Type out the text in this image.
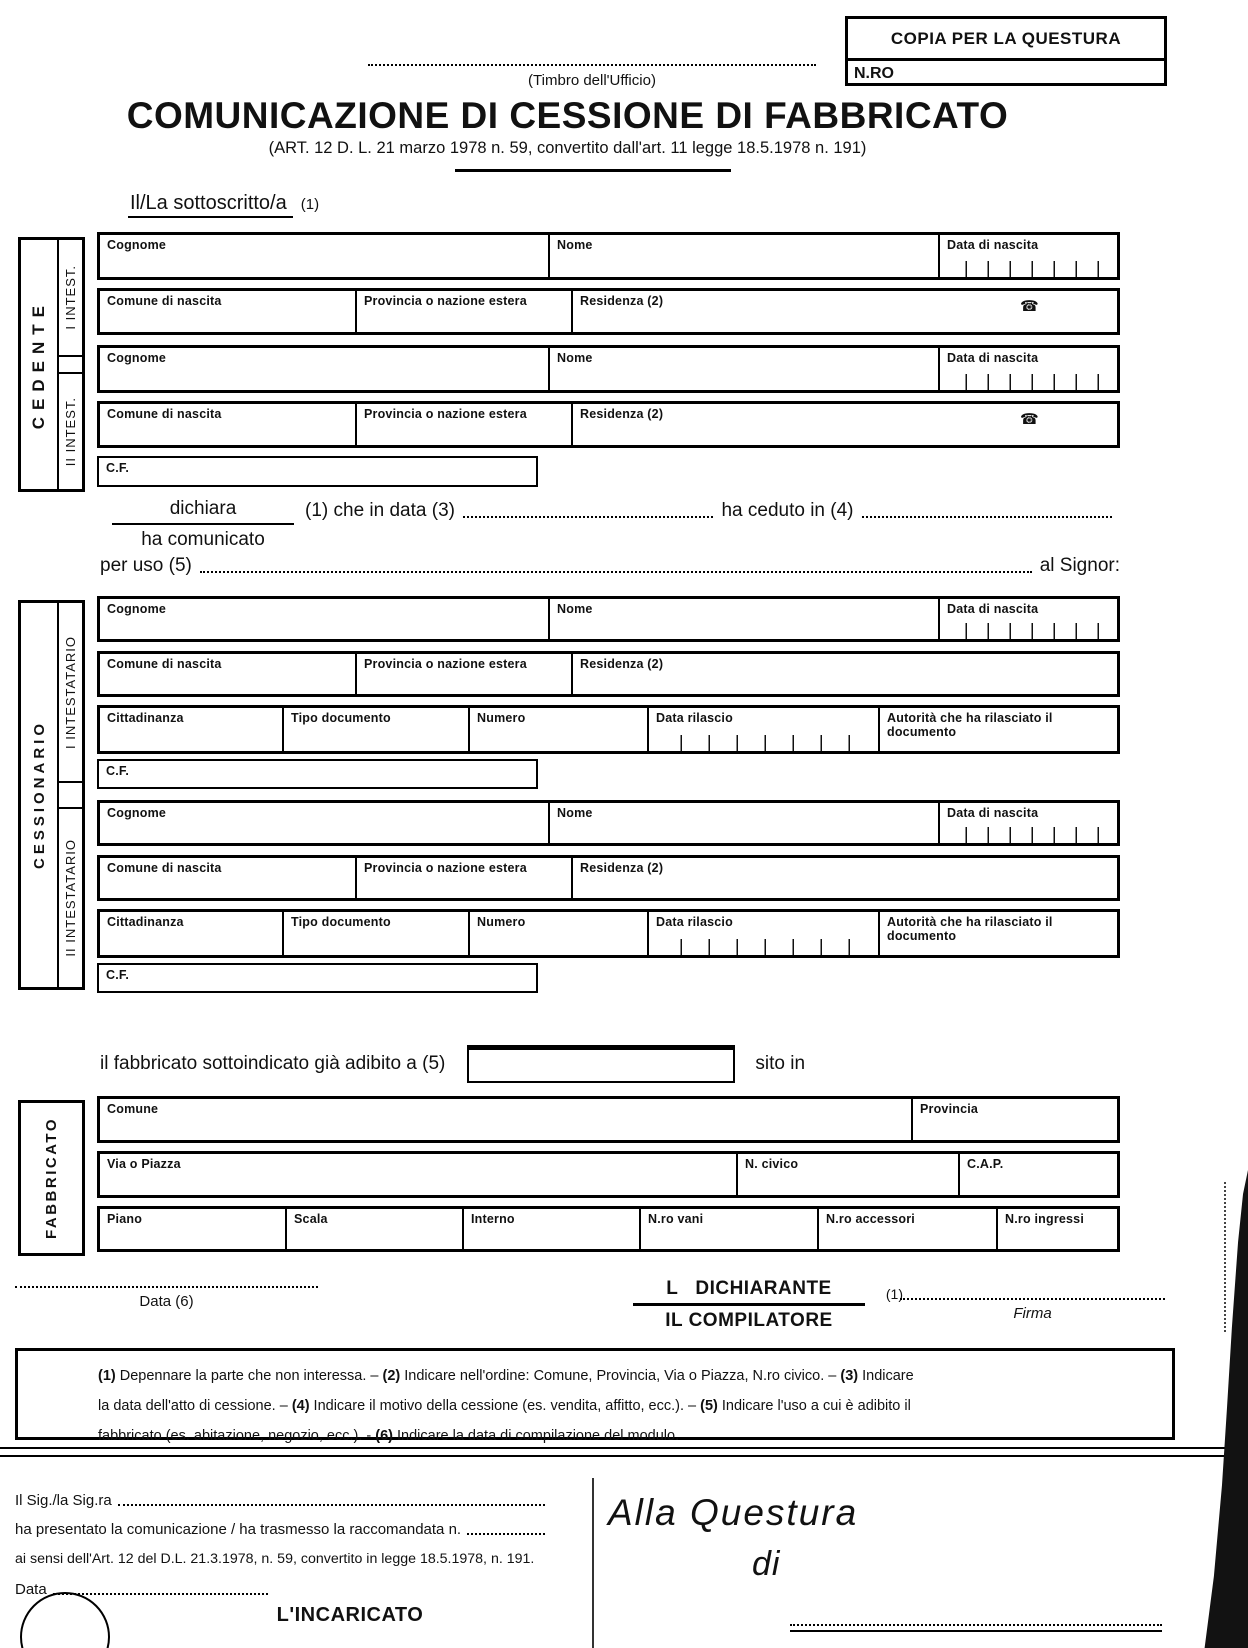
COPIA PER LA QUESTURA
N.RO
(Timbro dell'Ufficio)
COMUNICAZIONE DI CESSIONE DI FABBRICATO
(ART. 12 D. L. 21 marzo 1978 n. 59, convertito dall'art. 11 legge 18.5.1978 n. 191)
Il/La sottoscritto/a (1)
CEDENTE
I INTEST.
II INTEST.
Cognome	Nome	Data di nascita
Comune di nascita	Provincia o nazione estera	Residenza (2)	☎
Cognome	Nome	Data di nascita
Comune di nascita	Provincia o nazione estera	Residenza (2)	☎
C.F.
dichiara
ha comunicato
(1) che in data (3)	ha ceduto in (4)
per uso (5)	al Signor:
CESSIONARIO
I INTESTATARIO
II INTESTATARIO
Cognome	Nome	Data di nascita
Comune di nascita	Provincia o nazione estera	Residenza (2)
Cittadinanza	Tipo documento	Numero	Data rilascio	Autorità che ha rilasciato il documento
C.F.
Cognome	Nome	Data di nascita
Comune di nascita	Provincia o nazione estera	Residenza (2)
Cittadinanza	Tipo documento	Numero	Data rilascio	Autorità che ha rilasciato il documento
C.F.
il fabbricato sottoindicato già adibito a (5)	sito in
FABBRICATO
Comune	Provincia
Via o Piazza	N. civico	C.A.P.
Piano	Scala	Interno	N.ro vani	N.ro accessori	N.ro ingressi
Data (6)
L   DICHIARANTE	(1)
IL COMPILATORE	Firma
(1) Depennare la parte che non interessa. – (2) Indicare nell'ordine: Comune, Provincia, Via o Piazza, N.ro civico. – (3) Indicare
la data dell'atto di cessione. – (4) Indicare il motivo della cessione (es. vendita, affitto, ecc.). – (5) Indicare l'uso a cui è adibito il
fabbricato (es. abitazione, negozio, ecc.). - (6) Indicare la data di compilazione del modulo.
Il Sig./la Sig.ra
ha presentato la comunicazione / ha trasmesso la raccomandata n.
ai sensi dell'Art. 12 del D.L. 21.3.1978, n. 59, convertito in legge 18.5.1978, n. 191.
Data
L'INCARICATO
Alla Questura
di
